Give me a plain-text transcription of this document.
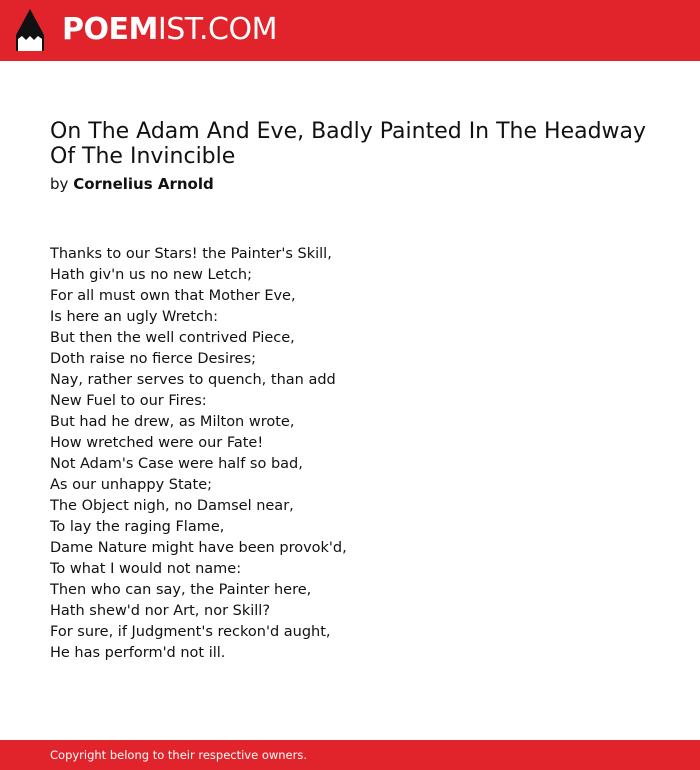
POEMIST.COM
On The Adam And Eve, Badly Painted In The Headway Of The Invincible
by Cornelius Arnold
Thanks to our Stars! the Painter's Skill,
Hath giv'n us no new Letch;
For all must own that Mother Eve,
Is here an ugly Wretch:
But then the well contrived Piece,
Doth raise no fierce Desires;
Nay, rather serves to quench, than add
New Fuel to our Fires:
But had he drew, as Milton wrote,
How wretched were our Fate!
Not Adam's Case were half so bad,
As our unhappy State;
The Object nigh, no Damsel near,
To lay the raging Flame,
Dame Nature might have been provok'd,
To what I would not name:
Then who can say, the Painter here,
Hath shew'd nor Art, nor Skill?
For sure, if Judgment's reckon'd aught,
He has perform'd not ill.
Copyright belong to their respective owners.
